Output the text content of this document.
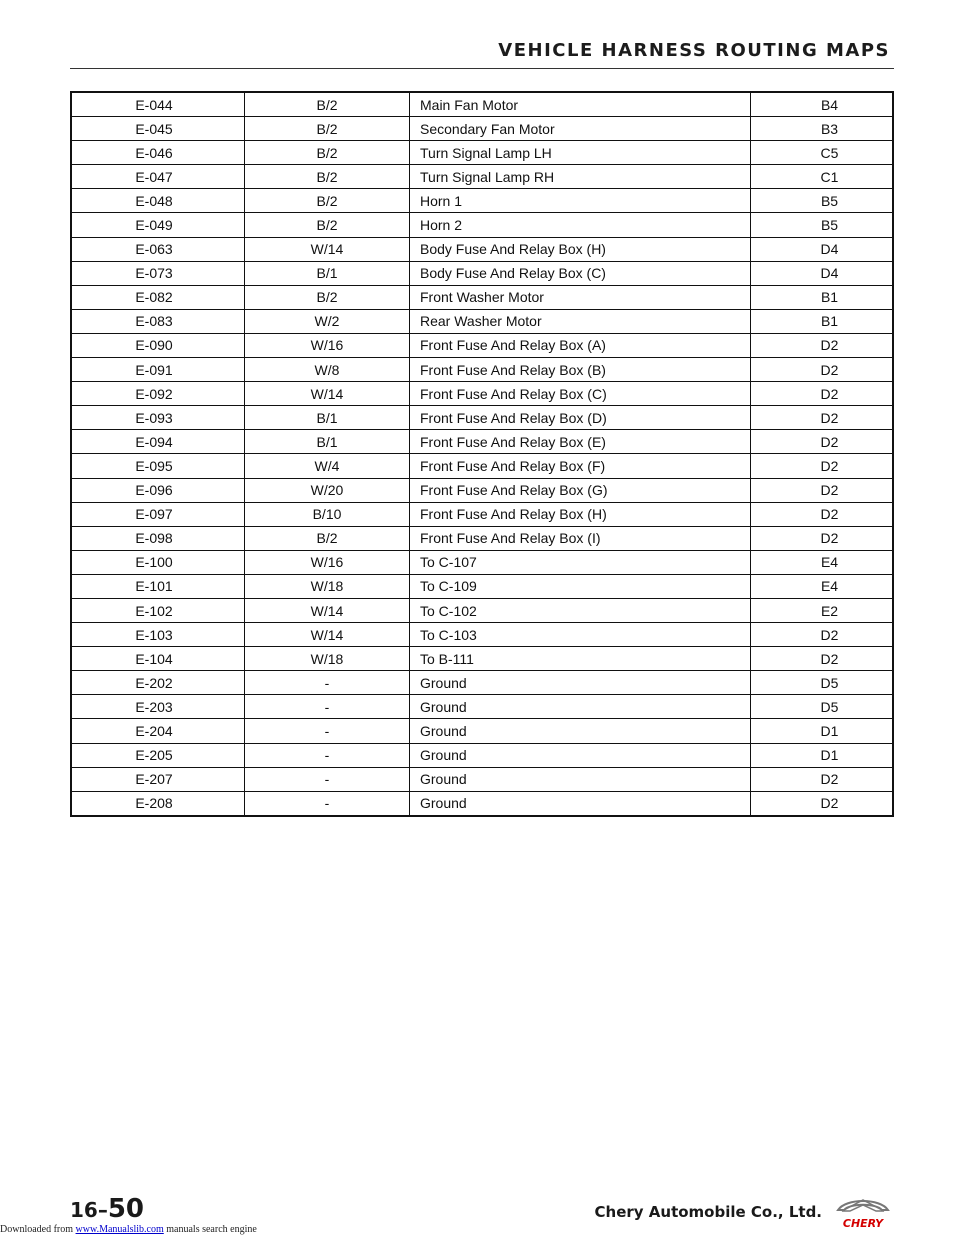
VEHICLE HARNESS ROUTING MAPS
E-044	B/2	Main Fan Motor	B4
E-045	B/2	Secondary Fan Motor	B3
E-046	B/2	Turn Signal Lamp LH	C5
E-047	B/2	Turn Signal Lamp RH	C1
E-048	B/2	Horn 1	B5
E-049	B/2	Horn 2	B5
E-063	W/14	Body Fuse And Relay Box (H)	D4
E-073	B/1	Body Fuse And Relay Box (C)	D4
E-082	B/2	Front Washer Motor	B1
E-083	W/2	Rear Washer Motor	B1
E-090	W/16	Front Fuse And Relay Box (A)	D2
E-091	W/8	Front Fuse And Relay Box (B)	D2
E-092	W/14	Front Fuse And Relay Box (C)	D2
E-093	B/1	Front Fuse And Relay Box (D)	D2
E-094	B/1	Front Fuse And Relay Box (E)	D2
E-095	W/4	Front Fuse And Relay Box (F)	D2
E-096	W/20	Front Fuse And Relay Box (G)	D2
E-097	B/10	Front Fuse And Relay Box (H)	D2
E-098	B/2	Front Fuse And Relay Box (I)	D2
E-100	W/16	To C-107	E4
E-101	W/18	To C-109	E4
E-102	W/14	To C-102	E2
E-103	W/14	To C-103	D2
E-104	W/18	To B-111	D2
E-202	-	Ground	D5
E-203	-	Ground	D5
E-204	-	Ground	D1
E-205	-	Ground	D1
E-207	-	Ground	D2
E-208	-	Ground	D2
16–50	Chery Automobile Co., Ltd.
CHERY
Downloaded from www.Manualslib.com manuals search engine
